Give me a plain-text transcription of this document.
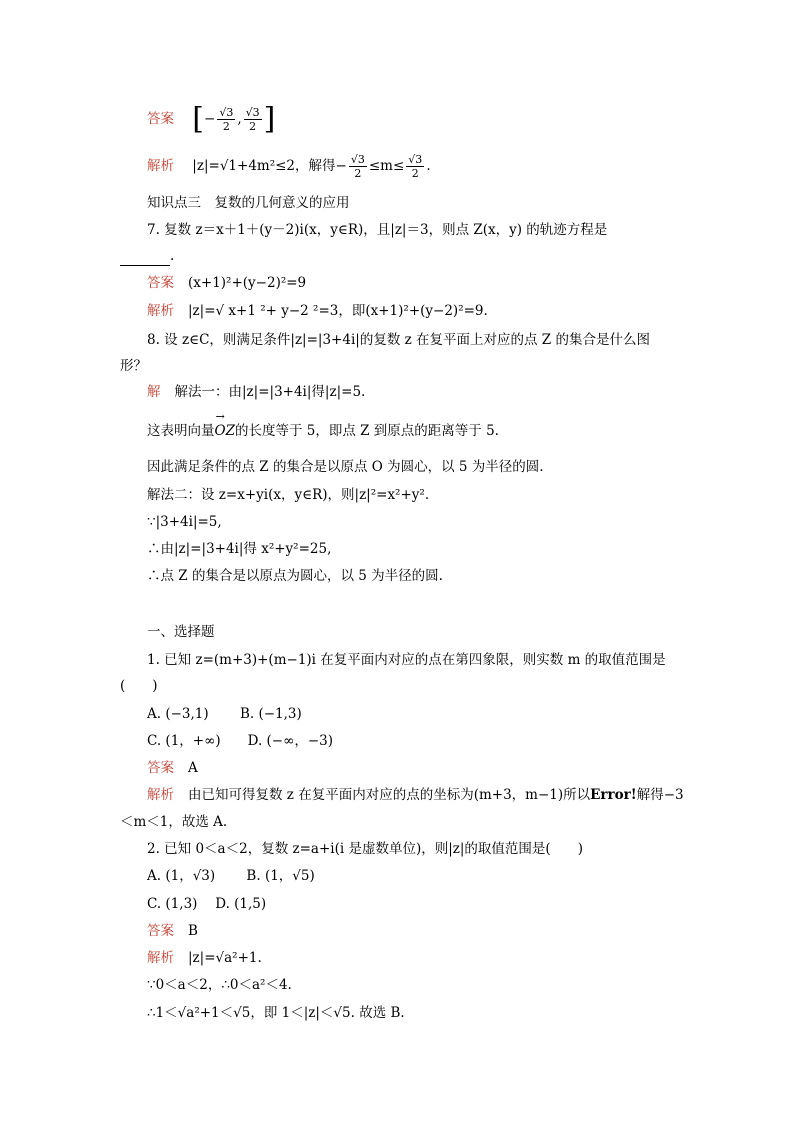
答案 [− $\frac{√3}{2}$ , $\frac{√3}{2}$ ]
解析 |z|=√1+4m²≤2，解得− $\frac{√3}{2} \le m\le \frac{√3}{2}$ .
知识点三　复数的几何意义的应用
7. 复数 z＝x＋1＋(y－2)i(x，y∈R)，且|z|＝3，则点 Z(x，y) 的轨迹方程是
.
答案 (x+1)²+(y−2)²=9
解析 |z|=√ x+1 ²+ y−2 ²=3，即(x+1)²+(y−2)²=9.
8. 设 z∈C，则满足条件|z|=|3+4i|的复数 z 在复平面上对应的点 Z 的集合是什么图
形？
解 解法一：由|z|=|3+4i|得|z|=5.
这表明向量→ OZ的长度等于 5，即点 Z 到原点的距离等于 5.
因此满足条件的点 Z 的集合是以原点 O 为圆心，以 5 为半径的圆.
解法二：设 z=x+yi(x，y∈R)，则|z|²=x²+y².
∵|3+4i|=5,
∴由|z|=|3+4i|得 x²+y²=25,
∴点 Z 的集合是以原点为圆心，以 5 为半径的圆.
一、选择题
1. 已知 z=(m+3)+(m−1)i 在复平面内对应的点在第四象限，则实数 m 的取值范围是
(　　)
A. (−3,1)　　 B. (−1,3)
C. (1，+∞)　　D. (−∞，−3)
答案 A
解析 由已知可得复数 z 在复平面内对应的点的坐标为(m+3，m−1)所以Error!解得−3
＜m＜1，故选 A.
2. 已知 0＜a＜2，复数 z=a+i(i 是虚数单位)，则|z|的取值范围是(　　)
A. (1，√3)　　 B. (1，√5)
C. (1,3)　 D. (1,5)
答案 B
解析 |z|=√a²+1.
∵0＜a＜2，∴0＜a²＜4.
∴1＜√a²+1＜√5，即 1＜|z|＜√5. 故选 B.
